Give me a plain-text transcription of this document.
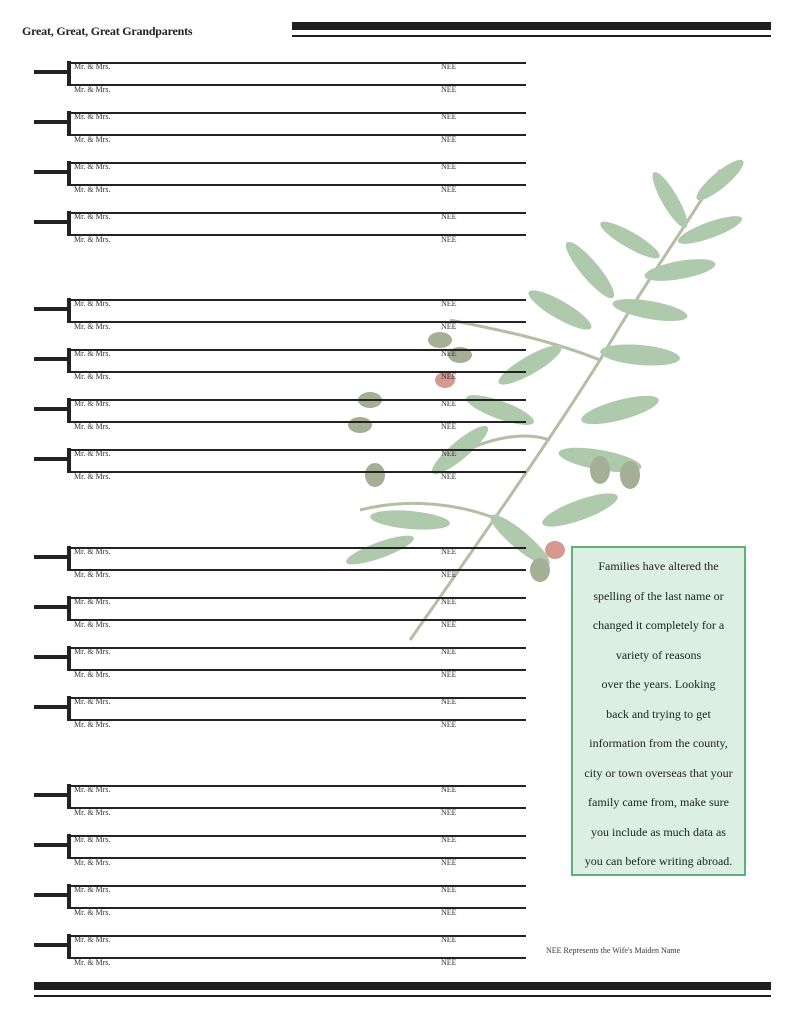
Great, Great, Great Grandparents
Mr. & Mrs.	NEE
Mr. & Mrs.	NEE
Mr. & Mrs.	NEE
Mr. & Mrs.	NEE
Mr. & Mrs.	NEE
Mr. & Mrs.	NEE
Mr. & Mrs.	NEE
Mr. & Mrs.	NEE
Mr. & Mrs.	NEE
Mr. & Mrs.	NEE
Mr. & Mrs.	NEE
Mr. & Mrs.	NEE
Mr. & Mrs.	NEE
Mr. & Mrs.	NEE
Mr. & Mrs.	NEE
Mr. & Mrs.	NEE
Mr. & Mrs.	NEE
Mr. & Mrs.	NEE
Mr. & Mrs.	NEE
Mr. & Mrs.	NEE
Mr. & Mrs.	NEE
Mr. & Mrs.	NEE
Mr. & Mrs.	NEE
Mr. & Mrs.	NEE
Mr. & Mrs.	NEE
Mr. & Mrs.	NEE
Mr. & Mrs.	NEE
Mr. & Mrs.	NEE
Mr. & Mrs.	NEE
Mr. & Mrs.	NEE
Mr. & Mrs.	NEE
Mr. & Mrs.	NEE

Families have altered the

spelling of the last name or

changed it completely for a

variety of reasons

over the years. Looking

back and trying to get

information from the county,

city or town overseas that your

family came from, make sure

you include as much data as

you can before writing abroad.

NEE Represents the Wife's Maiden Name
